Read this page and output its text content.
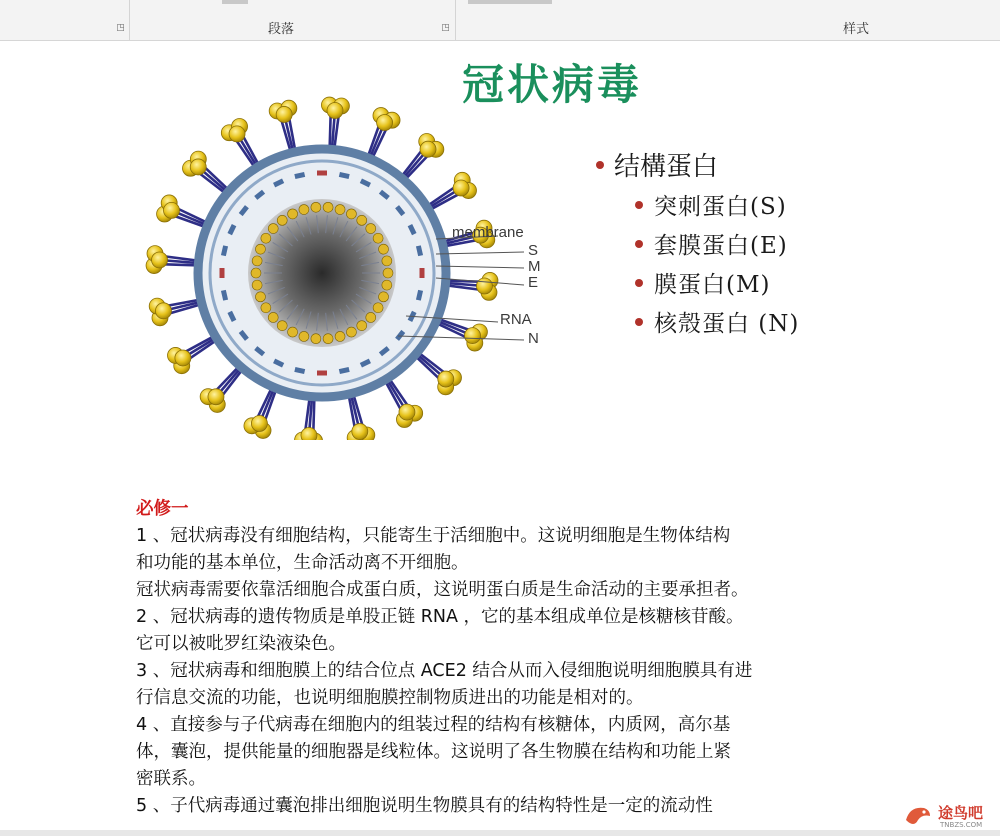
◳	段落	◳	样式
冠状病毒
membrane
S
M
E
RNA
N
结構蛋白
突刺蛋白(S)
套膜蛋白(E)
膜蛋白(M)
核殼蛋白 (N)

必修一

1 、冠状病毒没有细胞结构，只能寄生于活细胞中。这说明细胞是生物体结构

和功能的基本单位，生命活动离不开细胞。

冠状病毒需要依靠活细胞合成蛋白质，这说明蛋白质是生命活动的主要承担者。

2 、冠状病毒的遗传物质是单股正链 RNA ，它的基本组成单位是核糖核苷酸。

它可以被吡罗红染液染色。

3 、冠状病毒和细胞膜上的结合位点 ACE2 结合从而入侵细胞说明细胞膜具有进

行信息交流的功能，也说明细胞膜控制物质进出的功能是相对的。

4 、直接参与子代病毒在细胞内的组装过程的结构有核糖体，内质网，高尔基

体，囊泡，提供能量的细胞器是线粒体。这说明了各生物膜在结构和功能上紧

密联系。

5 、子代病毒通过囊泡排出细胞说明生物膜具有的结构特性是一定的流动性	途鸟吧
TNBZS.COM
